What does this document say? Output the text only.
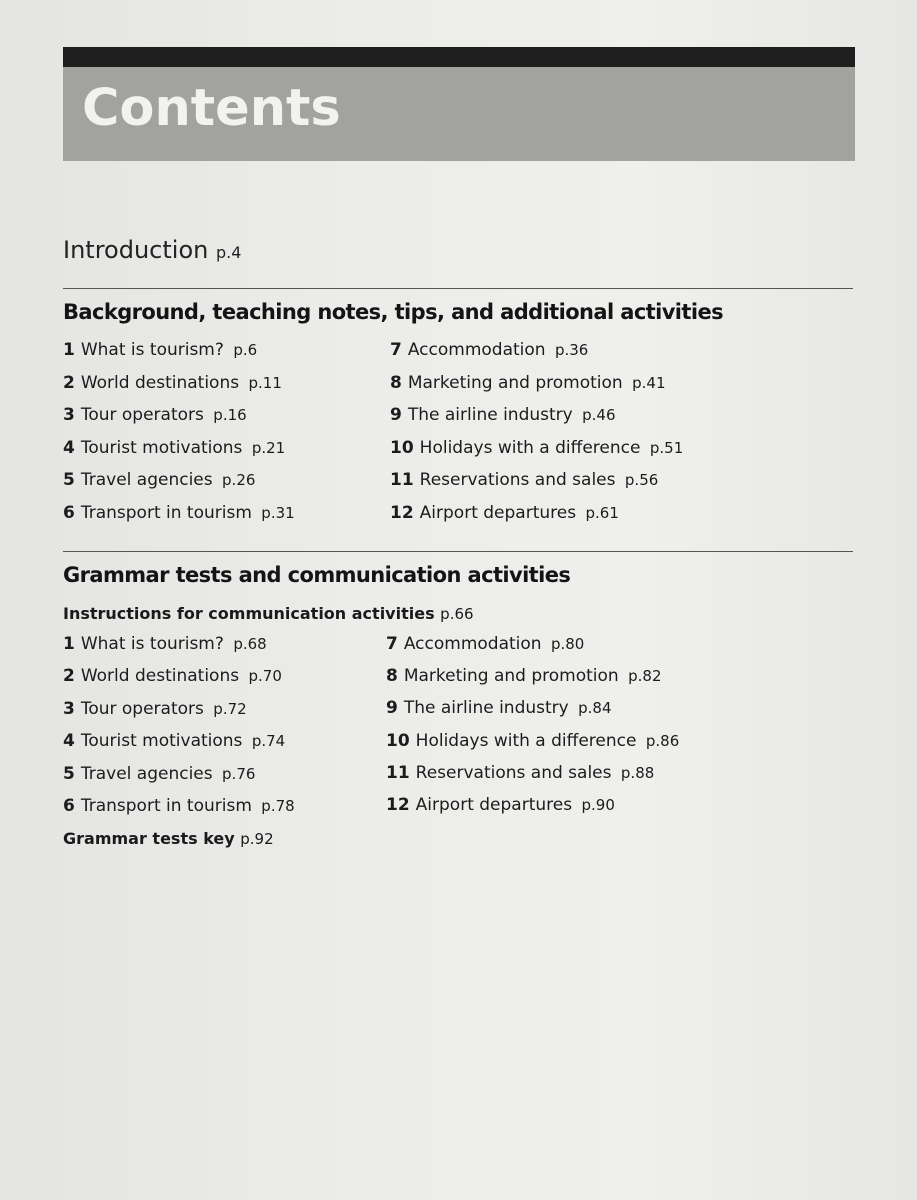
Contents
Introduction p.4
Background, teaching notes, tips, and additional activities
1 What is tourism? p.6
2 World destinations p.11
3 Tour operators p.16
4 Tourist motivations p.21
5 Travel agencies p.26
6 Transport in tourism p.31
7 Accommodation p.36
8 Marketing and promotion p.41
9 The airline industry p.46
10 Holidays with a difference p.51
11 Reservations and sales p.56
12 Airport departures p.61
Grammar tests and communication activities
Instructions for communication activities p.66
1 What is tourism? p.68
2 World destinations p.70
3 Tour operators p.72
4 Tourist motivations p.74
5 Travel agencies p.76
6 Transport in tourism p.78
7 Accommodation p.80
8 Marketing and promotion p.82
9 The airline industry p.84
10 Holidays with a difference p.86
11 Reservations and sales p.88
12 Airport departures p.90
Grammar tests key p.92
